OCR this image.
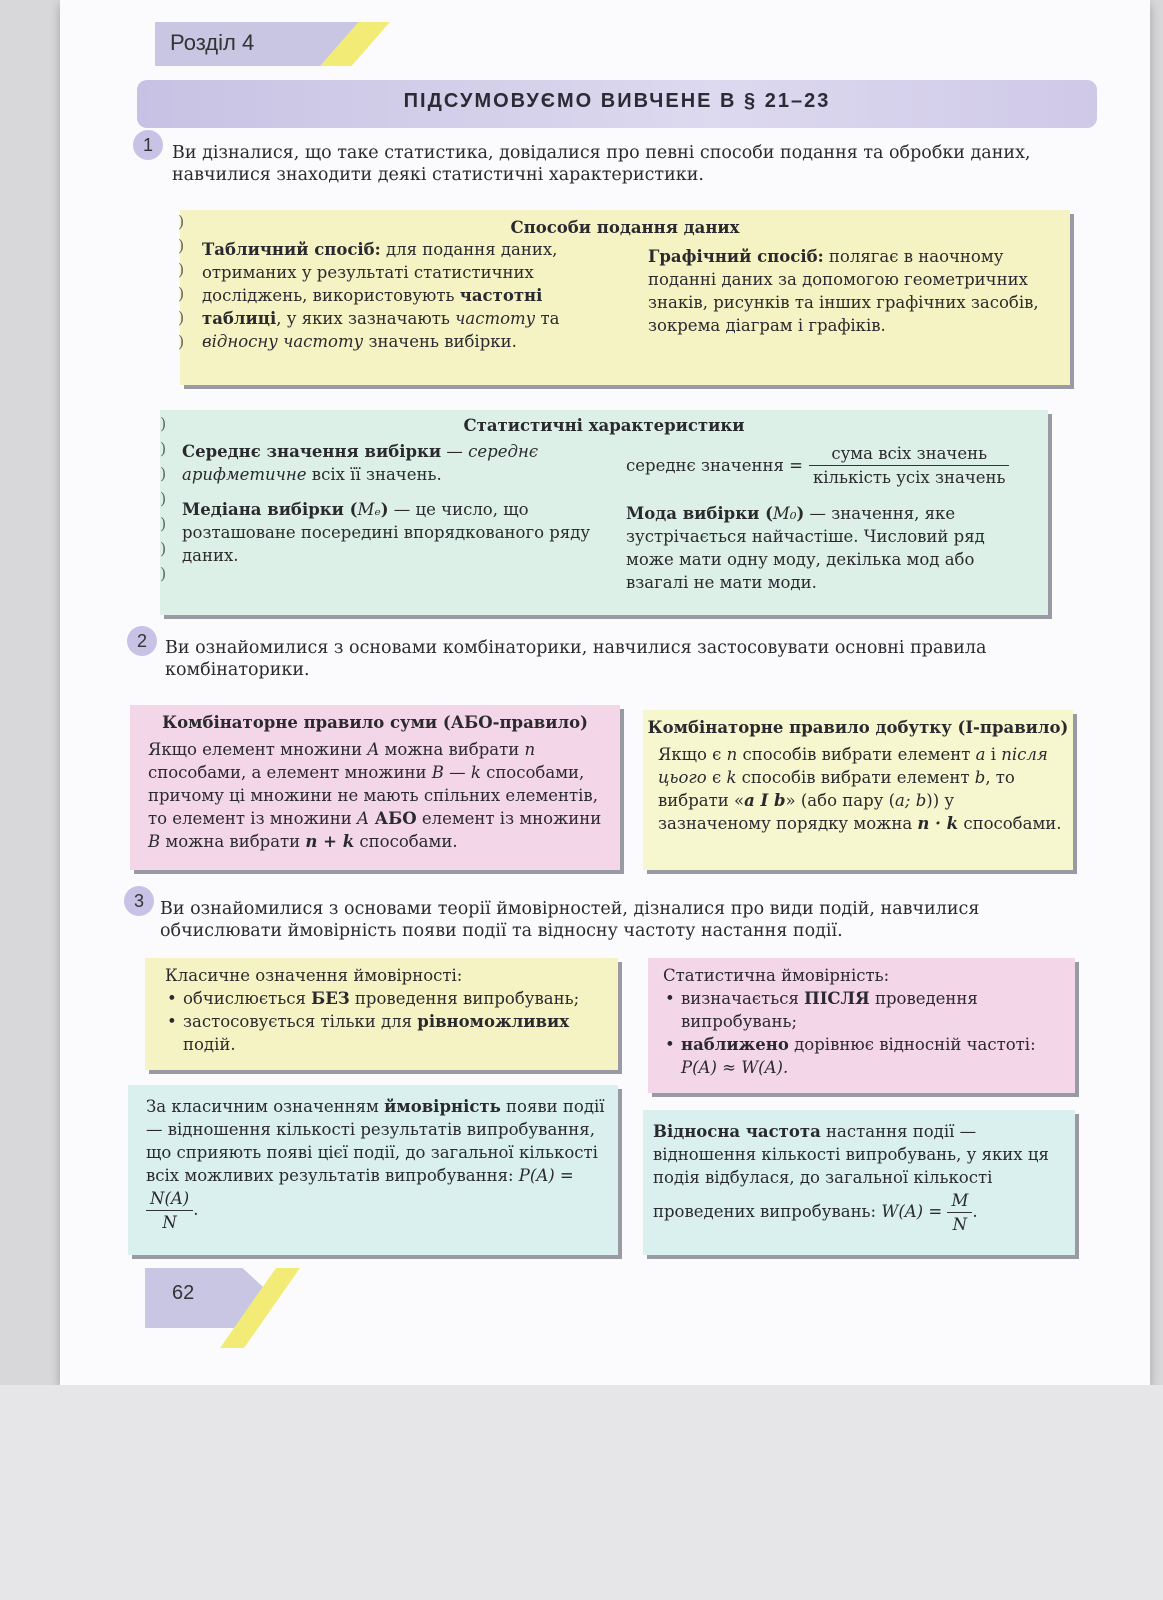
Розділ 4
ПІДСУМОВУЄМО ВИВЧЕНЕ В § 21–23
1	Ви дізналися, що таке статистика, довідалися про певні способи подання та обробки даних, навчилися знаходити деякі статистичні характеристики.
Способи подання даних
Табличний спосіб: для подання даних, отриманих у результаті статистичних досліджень, використовують частотні таблиці, у яких зазначають частоту та відносну частоту значень вибірки.
Графічний спосіб: полягає в наочному поданні даних за допомогою геометричних знаків, рисунків та інших графічних засобів, зокрема діаграм і графіків.
)
)
)
)
)
)
Статистичні характеристики
Середнє значення вибірки — середнє арифметичне всіх її значень.
Медіана вибірки (Mₑ) — це число, що розташоване посередині впорядкованого ряду даних.
середнє значення = $\frac{\text{сума всіх значень}}{\text{кількість усіх значень}}$
Мода вибірки (M₀) — значення, яке зустрічається найчастіше. Числовий ряд може мати одну моду, декілька мод або взагалі не мати моди.
)
)
)
)
)
)
)
2	Ви ознайомилися з основами комбінаторики, навчилися застосовувати основні правила комбінаторики.
Комбінаторне правило суми (АБО-правило)
Якщо елемент множини A можна вибрати n способами, а елемент множини B — k способами, причому ці множини не мають спільних елементів, то елемент із множини A АБО елемент із множини B можна вибрати n + k способами.
Комбінаторне правило добутку (І-правило)
Якщо є n способів вибрати елемент a і після цього є k способів вибрати елемент b, то вибрати «a І b» (або пару (a; b)) у зазначеному порядку можна n · k способами.
3 Ви ознайомилися з основами теорії ймовірностей, дізналися про види подій, навчилися обчислювати ймовірність появи події та відносну частоту настання події.
Класичне означення ймовірності:
• обчислюється БЕЗ проведення випробувань;
• застосовується тільки для рівноможливих подій.
Статистична ймовірність:
• визначається ПІСЛЯ проведення випробувань;
• наближено дорівнює відносній частоті:
P(A) ≈ W(A).
За класичним означенням ймовірність появи події — відношення кількості результатів випробування, що сприяють появі цієї події, до загальної кількості всіх можливих результатів випробування: P(A) =
$\frac{N(A)}{N}$ .
Відносна частота настання події — відношення кількості випробувань, у яких ця подія відбулася, до загальної кількості проведених випробувань: $W(A) = \frac{M}{N}$ .
62
